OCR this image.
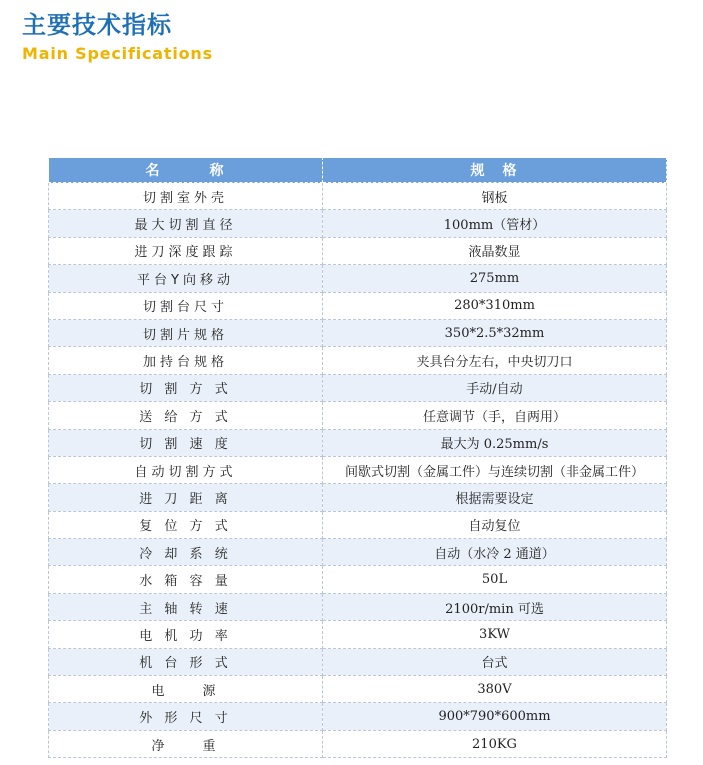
主要技术指标
Main Specifications
名　　　称	规　格
切割室外壳	钢板
最大切割直径	100mm（管材）
进刀深度跟踪	液晶数显
平台Y向移动	275mm
切割台尺寸	280*310mm
切割片规格	350*2.5*32mm
加持台规格	夹具台分左右，中央切刀口
切 割 方 式	手动/自动
送 给 方 式	任意调节（手，自两用）
切 割 速 度	最大为 0.25mm/s
自动切割方式	间歇式切割（金属工件）与连续切割（非金属工件）
进 刀 距 离	根据需要设定
复 位 方 式	自动复位
冷 却 系 统	自动（水冷 2 通道）
水 箱 容 量	50L
主 轴 转 速	2100r/min 可选
电 机 功 率	3KW
机 台 形 式	台式
电　　源	380V
外 形 尺 寸	900*790*600mm
净　　重	210KG
